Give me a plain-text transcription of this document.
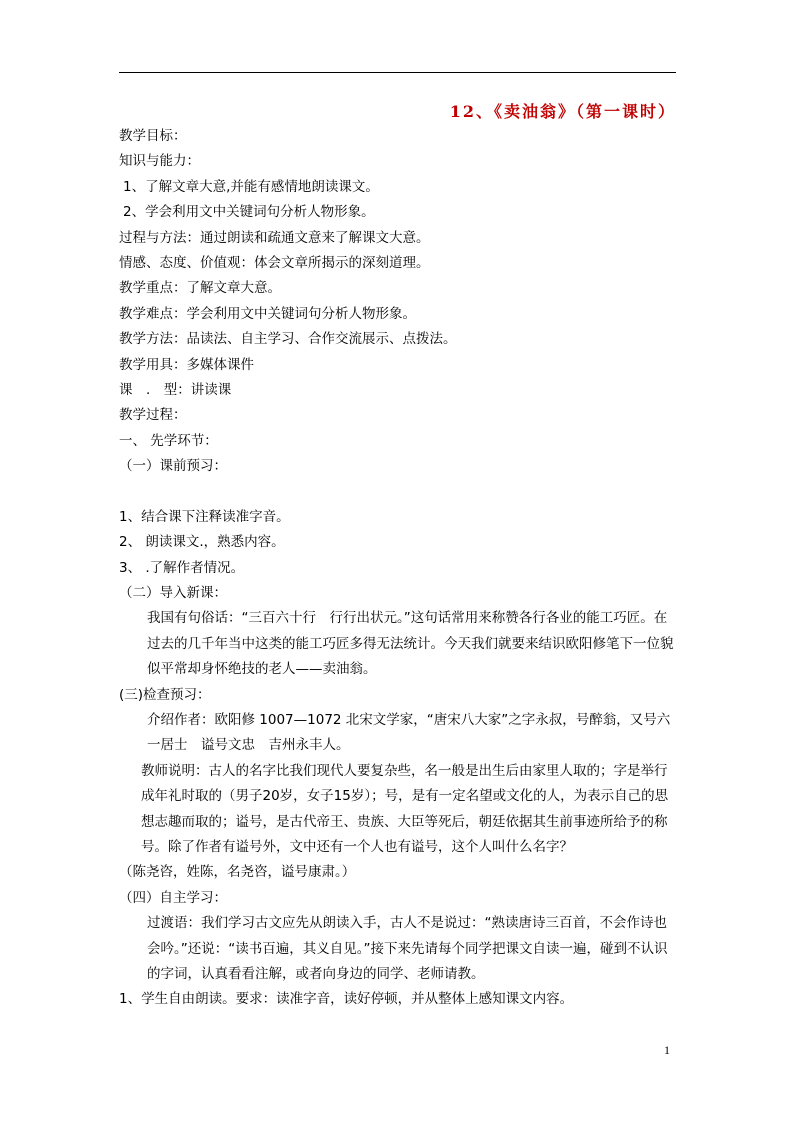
12、《卖油翁》（第一课时）
教学目标：
知识与能力：
1、了解文章大意,并能有感情地朗读课文。
2、学会利用文中关键词句分析人物形象。
过程与方法：通过朗读和疏通文意来了解课文大意。
情感、态度、价值观：体会文章所揭示的深刻道理。
教学重点：了解文章大意。
教学难点：学会利用文中关键词句分析人物形象。
教学方法：品读法、自主学习、合作交流展示、点拨法。
教学用具：多媒体课件
课　.　型：讲读课
教学过程：
一、 先学环节：
（一）课前预习：
1、结合课下注释读准字音。
2、 朗读课文.，熟悉内容。
3、 .了解作者情况。
（二）导入新课：
我国有句俗话：“三百六十行　行行出状元。”这句话常用来称赞各行各业的能工巧匠。在过去的几千年当中这类的能工巧匠多得无法统计。今天我们就要来结识欧阳修笔下一位貌似平常却身怀绝技的老人——卖油翁。
(三)检查预习：
介绍作者：欧阳修 1007—1072 北宋文学家，“唐宋八大家”之字永叔，号醉翁，又号六一居士　谥号文忠　吉州永丰人。
教师说明：古人的名字比我们现代人要复杂些，名一般是出生后由家里人取的；字是举行成年礼时取的（男子20岁，女子15岁）；号，是有一定名望或文化的人，为表示自己的思想志趣而取的；谥号，是古代帝王、贵族、大臣等死后，朝廷依据其生前事迹所给予的称号。除了作者有谥号外，文中还有一个人也有谥号，这个人叫什么名字？
（陈尧咨，姓陈，名尧咨，谥号康肃。）
（四）自主学习：
过渡语：我们学习古文应先从朗读入手，古人不是说过：“熟读唐诗三百首，不会作诗也会吟。”还说：“读书百遍，其义自见。”接下来先请每个同学把课文自读一遍，碰到不认识的字词，认真看看注解，或者向身边的同学、老师请教。
1、学生自由朗读。要求：读准字音，读好停顿，并从整体上感知课文内容。
1
